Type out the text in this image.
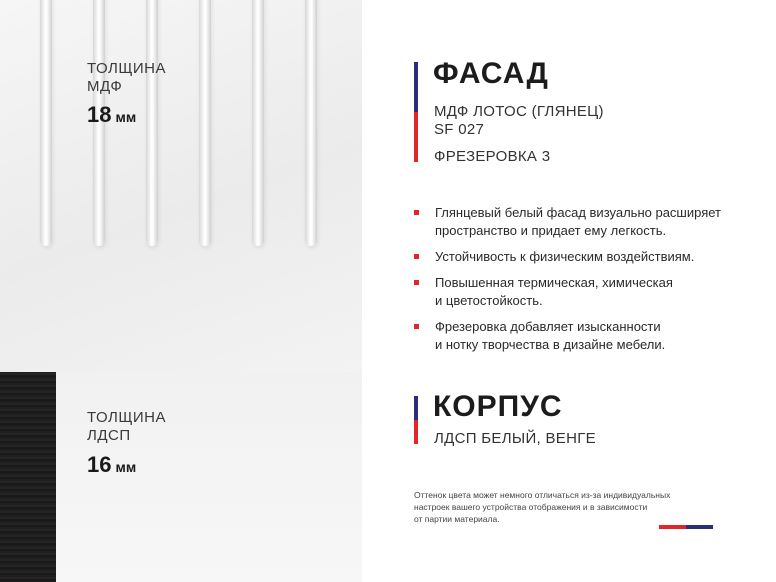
ТОЛЩИНА
МДФ
18 мм
ТОЛЩИНА
ЛДСП
16 мм
ФАСАД
МДФ ЛОТОС (ГЛЯНЕЦ)
SF 027
ФРЕЗЕРОВКА 3
Глянцевый белый фасад визуально расширяет
пространство и придает ему легкость.
Устойчивость к физическим воздействиям.
Повышенная термическая, химическая
и цветостойкость.
Фрезеровка добавляет изысканности
и нотку творчества в дизайне мебели.
КОРПУС
ЛДСП БЕЛЫЙ, ВЕНГЕ
Оттенок цвета может немного отличаться из-за индивидуальных
настроек вашего устройства отображения и в зависимости
от партии материала.
